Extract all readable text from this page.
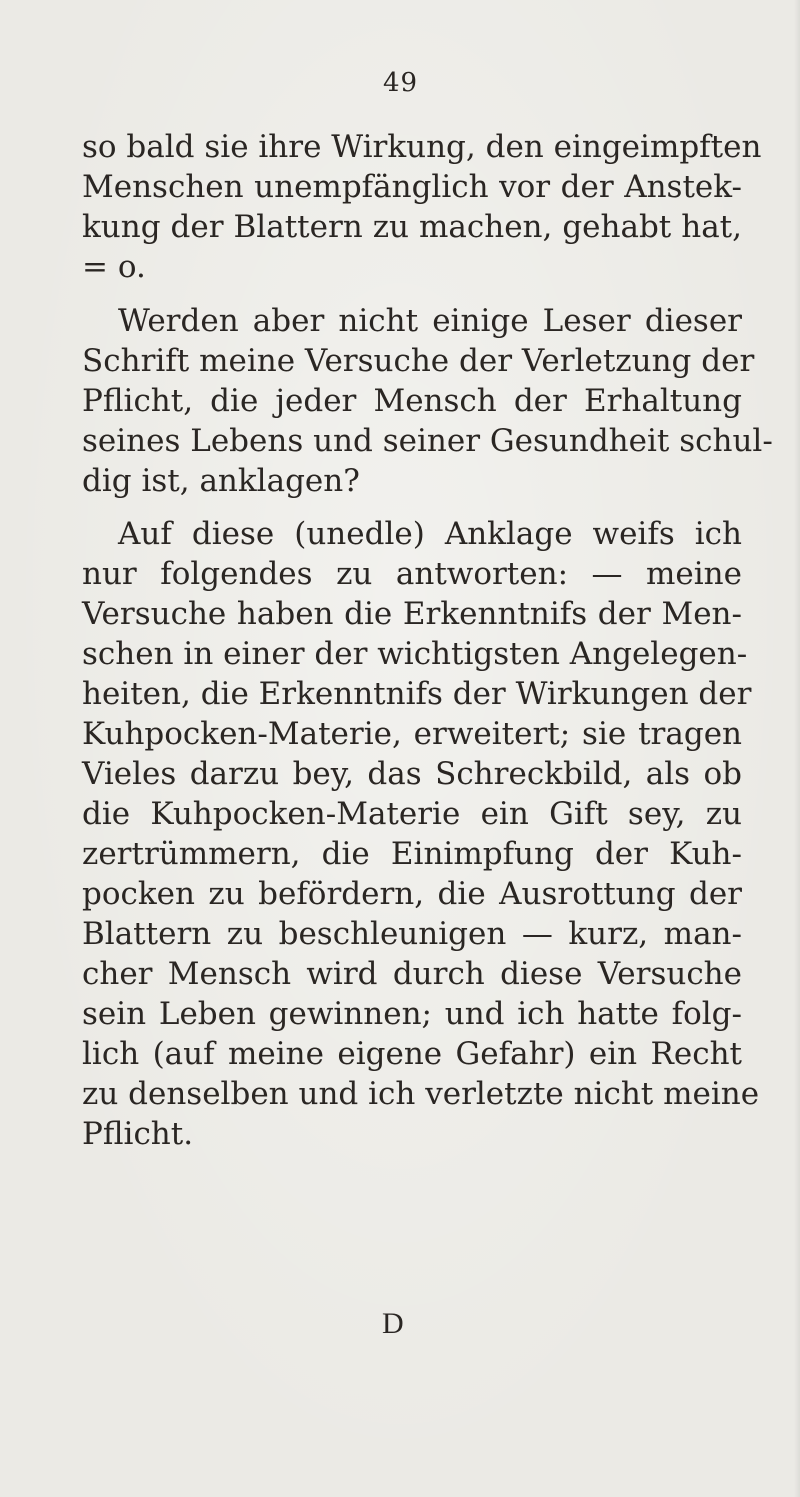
49
so bald sie ihre Wirkung, den eingeimpften
Menschen unempfänglich vor der Anstek-
kung der Blattern zu machen, gehabt hat,
= o.
Werden aber nicht einige Leser dieser
Schrift meine Versuche der Verletzung der
Pflicht, die jeder Mensch der Erhaltung
seines Lebens und seiner Gesundheit schul-
dig ist, anklagen?
Auf diese (unedle) Anklage weifs ich
nur folgendes zu antworten: — meine
Versuche haben die Erkenntnifs der Men-
schen in einer der wichtigsten Angelegen-
heiten, die Erkenntnifs der Wirkungen der
Kuhpocken-Materie, erweitert; sie tragen
Vieles darzu bey, das Schreckbild, als ob
die Kuhpocken-Materie ein Gift sey, zu
zertrümmern, die Einimpfung der Kuh-
pocken zu befördern, die Ausrottung der
Blattern zu beschleunigen — kurz, man-
cher Mensch wird durch diese Versuche
sein Leben gewinnen; und ich hatte folg-
lich (auf meine eigene Gefahr) ein Recht
zu denselben und ich verletzte nicht meine
Pflicht.
D
